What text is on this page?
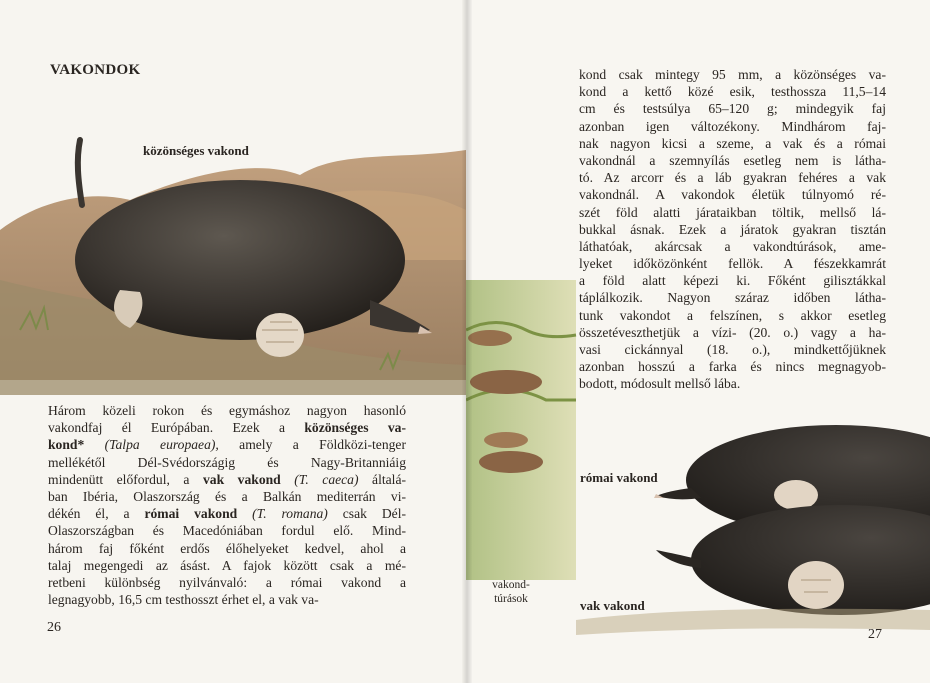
VAKONDOK
közönséges vakond
Három közeli rokon és egymáshoz nagyon hasonló
vakondfaj él Európában. Ezek a közönséges va-
kond* (Talpa europaea), amely a Földközi-tenger
mellékétől Dél-Svédországig és Nagy-Britanniáig
mindenütt előfordul, a vak vakond (T. caeca) általá-
ban Ibéria, Olaszország és a Balkán mediterrán vi-
dékén él, a római vakond (T. romana) csak Dél-
Olaszországban és Macedóniában fordul elő. Mind-
három faj főként erdős élőhelyeket kedvel, ahol a
talaj megengedi az ásást. A fajok között csak a mé-
retbeni különbség nyilvánvaló: a római vakond a
legnagyobb, 16,5 cm testhosszt érhet el, a vak va-
26
kond csak mintegy 95 mm, a közönséges va-
kond a kettő közé esik, testhossza 11,5–14
cm és testsúlya 65–120 g; mindegyik faj
azonban igen változékony. Mindhárom faj-
nak nagyon kicsi a szeme, a vak és a római
vakondnál a szemnyílás esetleg nem is látha-
tó. Az arcorr és a láb gyakran fehéres a vak
vakondnál. A vakondok életük túlnyomó ré-
szét föld alatti járataikban töltik, mellső lá-
bukkal ásnak. Ezek a járatok gyakran tisztán
láthatóak, akárcsak a vakondtúrások, ame-
lyeket időközönként fellök. A fészekkamrát
a föld alatt képezi ki. Főként gilisztákkal
táplálkozik. Nagyon száraz időben látha-
tunk vakondot a felszínen, s akkor esetleg
összetéveszthetjük a vízi- (20. o.) vagy a ha-
vasi cickánnyal (18. o.), mindkettőjüknek
azonban hosszú a farka és nincs megnagyob-
bodott, módosult mellső lába.
vakond-
túrások
római vakond
vak vakond
27
